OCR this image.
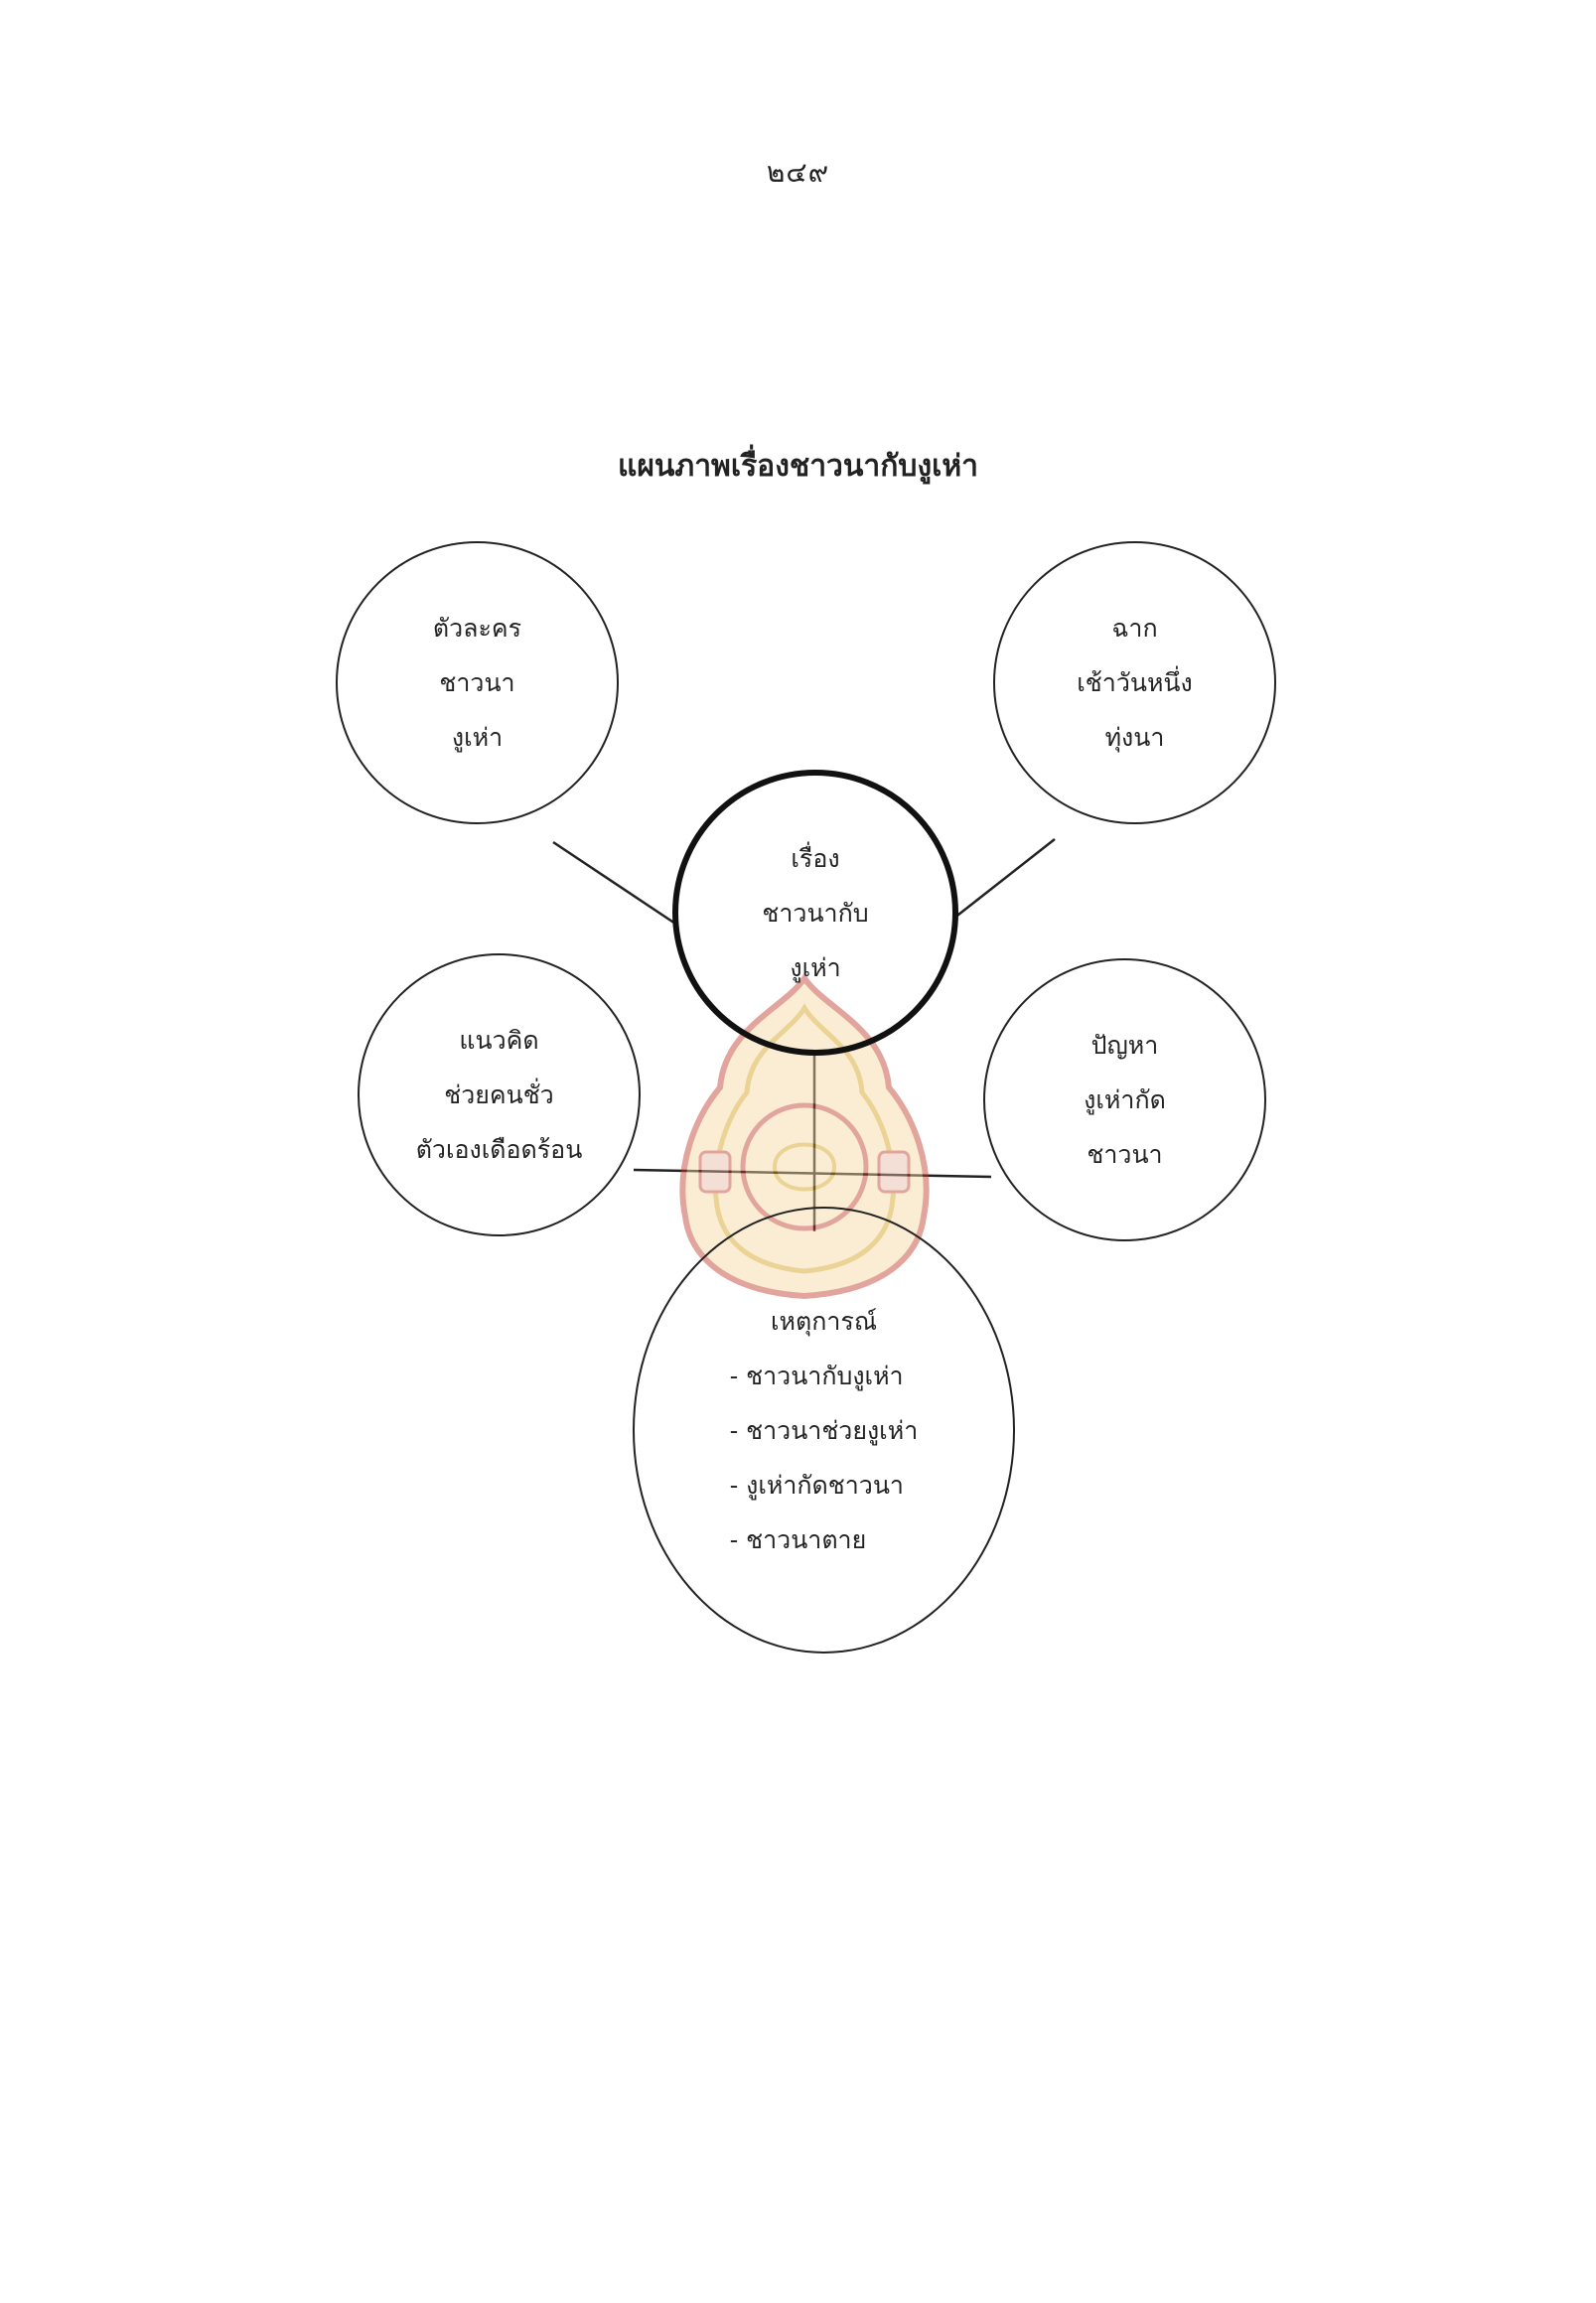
๒๔๙
แผนภาพเรื่องชาวนากับงูเห่า
ตัวละคร
ชาวนา
งูเห่า
ฉาก
เช้าวันหนึ่ง
ทุ่งนา
เรื่อง
ชาวนากับ
งูเห่า
แนวคิด
ช่วยคนชั่ว
ตัวเองเดือดร้อน
ปัญหา
งูเห่ากัด
ชาวนา
เหตุการณ์
- ชาวนากับงูเห่า
- ชาวนาช่วยงูเห่า
- งูเห่ากัดชาวนา
- ชาวนาตาย
